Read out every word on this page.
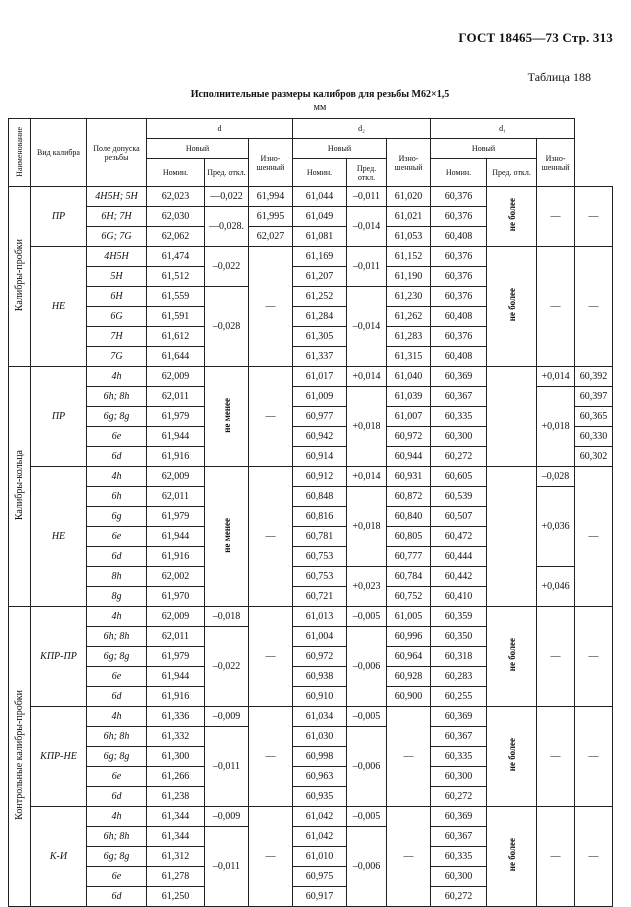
ГОСТ 18465—73 Стр. 313
Таблица 188
Исполнительные размеры калибров для резьбы М62×1,5
мм
Наименование	Вид калибра	Поле допуска резьбы	d			d₂			d₁			
			Новый		Изно-шенный	Новый		Изно-шенный	Новый		Изно-шенный	
			Номин.	Пред. откл.		Номин.	Пред. откл.		Номин.	Пред. откл.		
Калибры-пробки	ПР	4Н5Н; 5Н	62,023	—0,022	61,994	61,044	–0,011	61,020	60,376	не более	—	—
		6Н; 7Н	62,030	—0,028.	61,995	61,049	–0,014	61,021	60,376			
		6G; 7G	62,062		62,027	61,081		61,053	60,408			
	НЕ	4Н5Н	61,474	–0,022	—	61,169	–0,011	61,152	60,376	не более	—	—
		5Н	61,512			61,207		61,190	60,376			
		6Н	61,559	–0,028		61,252	–0,014	61,230	60,376			
		6G	61,591			61,284		61,262	60,408			
		7Н	61,612			61,305		61,283	60,376			
		7G	61,644			61,337		61,315	60,408			
Калибры-кольца	ПР	4h	62,009	не менее	—	61,017	+0,014	61,040	60,369		+0,014	60,392
		6h; 8h	62,011			61,009	+0,018	61,039	60,367		+0,018	60,397
		6g; 8g	61,979			60,977		61,007	60,335			60,365
		6е	61,944			60,942		60,972	60,300			60,330
		6d	61,916			60,914		60,944	60,272			60,302
	НЕ	4h	62,009	не менее	—	60,912	+0,014	60,931	60,605		–0,028	—
		6h	62,011			60,848	+0,018	60,872	60,539		+0,036	
		6g	61,979			60,816		60,840	60,507			
		6е	61,944			60,781		60,805	60,472			
		6d	61,916			60,753		60,777	60,444			
		8h	62,002			60,753	+0,023	60,784	60,442		+0,046	
		8g	61,970			60,721		60,752	60,410			
Контрольные калибры-пробки	КПР-ПР	4h	62,009	–0,018	—	61,013	–0,005	61,005	60,359	не более	—	—
		6h; 8h	62,011	–0,022		61,004	–0,006	60,996	60,350			
		6g; 8g	61,979			60,972		60,964	60,318			
		6е	61,944			60,938		60,928	60,283			
		6d	61,916			60,910		60,900	60,255			
	КПР-НЕ	4h	61,336	–0,009	—	61,034	–0,005	—	60,369	не более	—	—
		6h; 8h	61,332	–0,011		61,030	–0,006		60,367			
		6g; 8g	61,300			60,998			60,335			
		6е	61,266			60,963			60,300			
		6d	61,238			60,935			60,272			
	К-И	4h	61,344	–0,009	—	61,042	–0,005	—	60,369	не более	—	—
		6h; 8h	61,344	–0,011		61,042	–0,006		60,367			
		6g; 8g	61,312			61,010			60,335			
		6е	61,278			60,975			60,300			
		6d	61,250			60,917			60,272			
